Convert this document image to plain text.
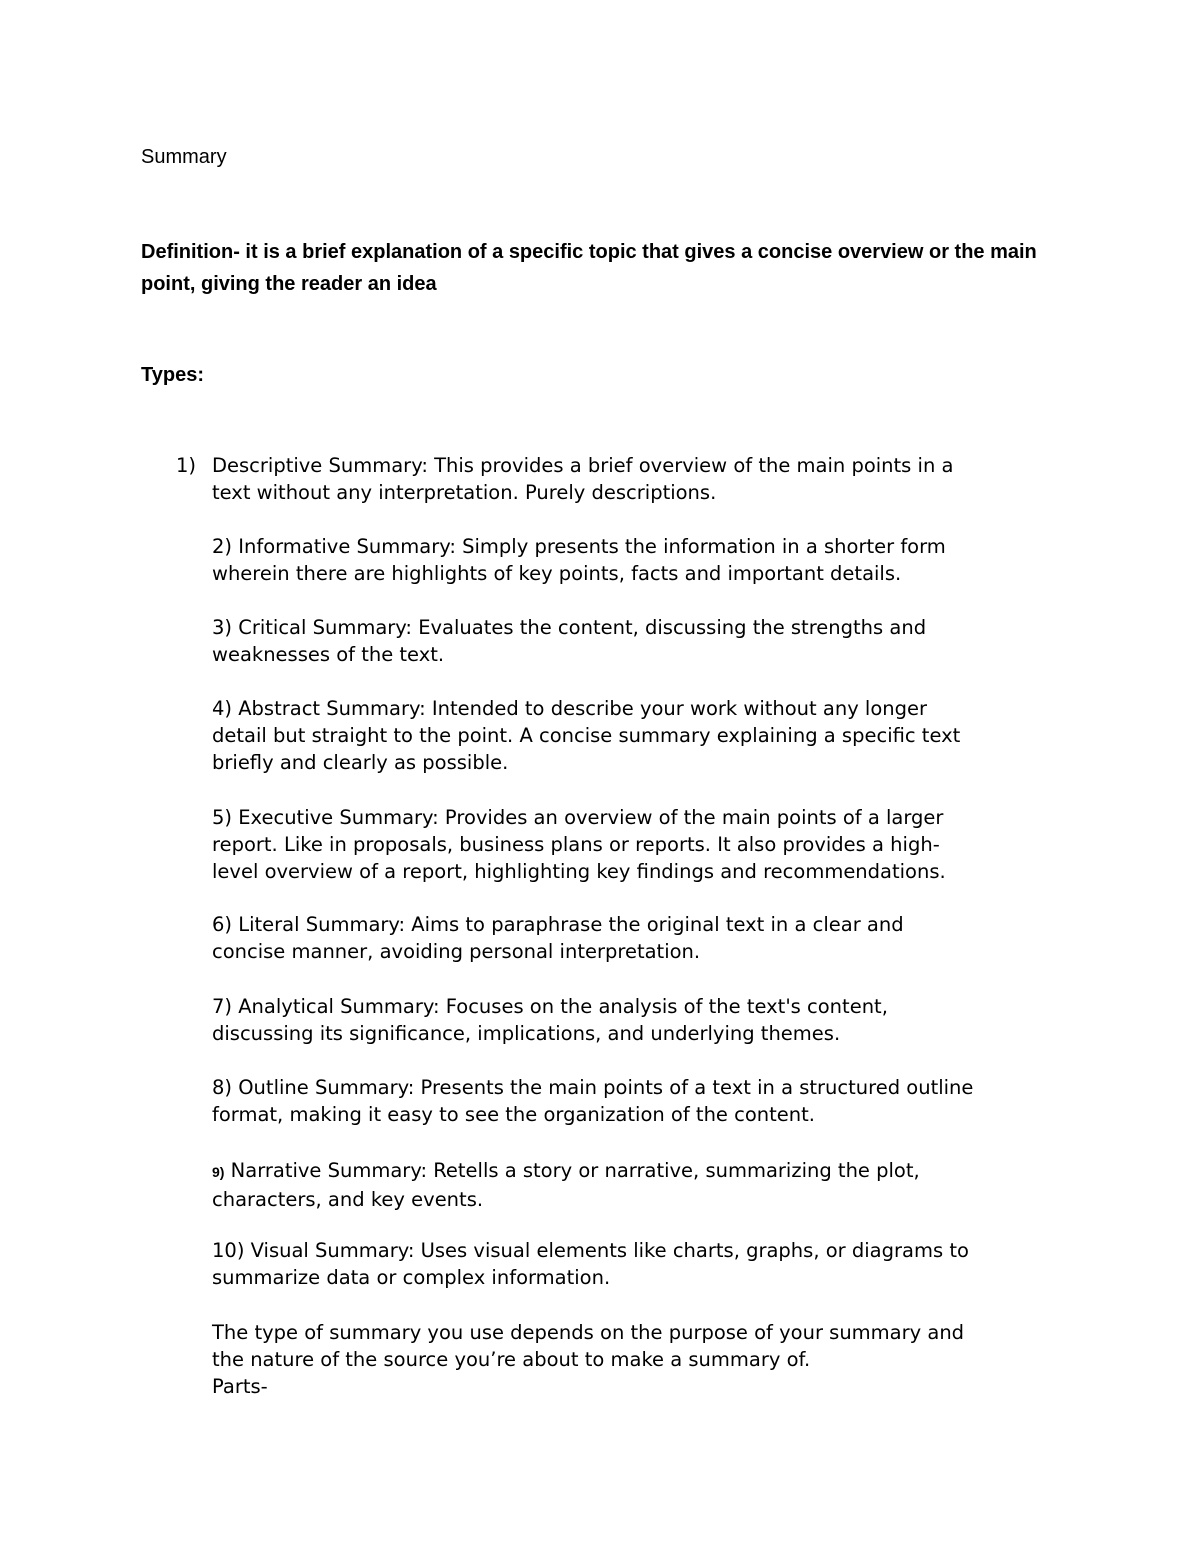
Summary
Definition- it is a brief explanation of a specific topic that gives a concise overview or the main
point, giving the reader an idea
Types:
1) Descriptive Summary: This provides a brief overview of the main points in a
text without any interpretation. Purely descriptions.
2) Informative Summary: Simply presents the information in a shorter form
wherein there are highlights of key points, facts and important details.
3) Critical Summary: Evaluates the content, discussing the strengths and
weaknesses of the text.
4) Abstract Summary: Intended to describe your work without any longer
detail but straight to the point. A concise summary explaining a specific text
briefly and clearly as possible.
5) Executive Summary: Provides an overview of the main points of a larger
report. Like in proposals, business plans or reports. It also provides a high-
level overview of a report, highlighting key findings and recommendations.
6) Literal Summary: Aims to paraphrase the original text in a clear and
concise manner, avoiding personal interpretation.
7) Analytical Summary: Focuses on the analysis of the text's content,
discussing its significance, implications, and underlying themes.
8) Outline Summary: Presents the main points of a text in a structured outline
format, making it easy to see the organization of the content.
9) Narrative Summary: Retells a story or narrative, summarizing the plot,
characters, and key events.
10) Visual Summary: Uses visual elements like charts, graphs, or diagrams to
summarize data or complex information.
The type of summary you use depends on the purpose of your summary and
the nature of the source you’re about to make a summary of.
Parts-
